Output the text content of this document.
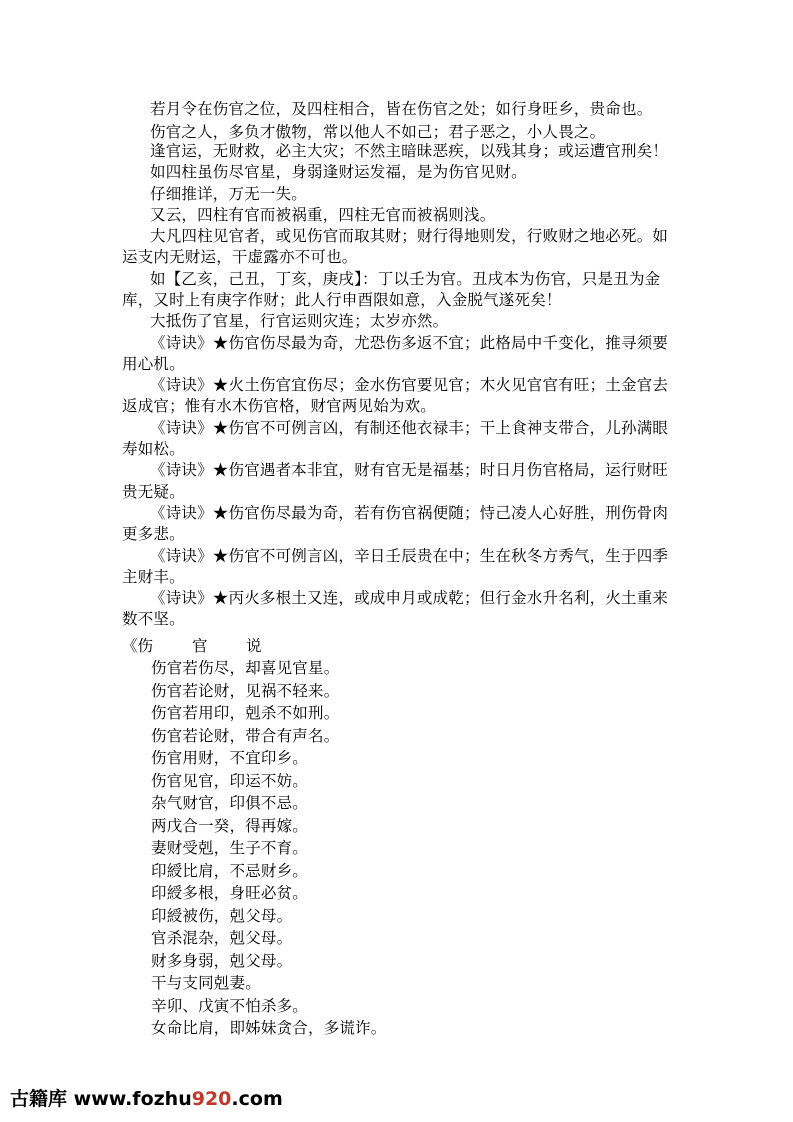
若月令在伤官之位，及四柱相合，皆在伤官之处；如行身旺乡，贵命也。
伤官之人，多负才傲物，常以他人不如己；君子恶之，小人畏之。
逢官运，无财救，必主大灾；不然主暗昧恶疾，以残其身；或运遭官刑矣！
如四柱虽伤尽官星，身弱逢财运发福，是为伤官见财。
仔细推详，万无一失。
又云，四柱有官而被祸重，四柱无官而被祸则浅。
大凡四柱见官者，或见伤官而取其财；财行得地则发，行败财之地必死。如
运支内无财运，干虚露亦不可也。
如【乙亥，己丑，丁亥，庚戌】：丁以壬为官。丑戌本为伤官，只是丑为金
库，又时上有庚字作财；此人行申酉限如意，入金脱气遂死矣！
大抵伤了官星，行官运则灾连；太岁亦然。
《诗诀》★伤官伤尽最为奇，尤恐伤多返不宜；此格局中千变化，推寻须要
用心机。
《诗诀》★火土伤官宜伤尽；金水伤官要见官；木火见官官有旺；土金官去
返成官；惟有水木伤官格，财官两见始为欢。
《诗诀》★伤官不可例言凶，有制还他衣禄丰；干上食神支带合，儿孙满眼
寿如松。
《诗诀》★伤官遇者本非宜，财有官无是福基；时日月伤官格局，运行财旺
贵无疑。
《诗诀》★伤官伤尽最为奇，若有伤官祸便随；恃己凌人心好胜，刑伤骨肉
更多悲。
《诗诀》★伤官不可例言凶，辛日壬辰贵在中；生在秋冬方秀气，生于四季
主财丰。
《诗诀》★丙火多根土又连，或成申月或成乾；但行金水升名利，火土重来
数不坚。
《伤	官 说
伤官若伤尽，却喜见官星。
伤官若论财，见祸不轻来。
伤官若用印，剋杀不如刑。
伤官若论财，带合有声名。
伤官用财，不宜印乡。
伤官见官，印运不妨。
杂气财官，印俱不忌。
两戊合一癸，得再嫁。
妻财受剋，生子不育。
印綬比肩，不忌财乡。
印綬多根，身旺必贫。
印綬被伤，剋父母。
官杀混杂，剋父母。
财多身弱，剋父母。
干与支同剋妻。
辛卯、戊寅不怕杀多。
女命比肩，即姊妹贪合，多谎诈。
古籍库 www.fozhu920.com
